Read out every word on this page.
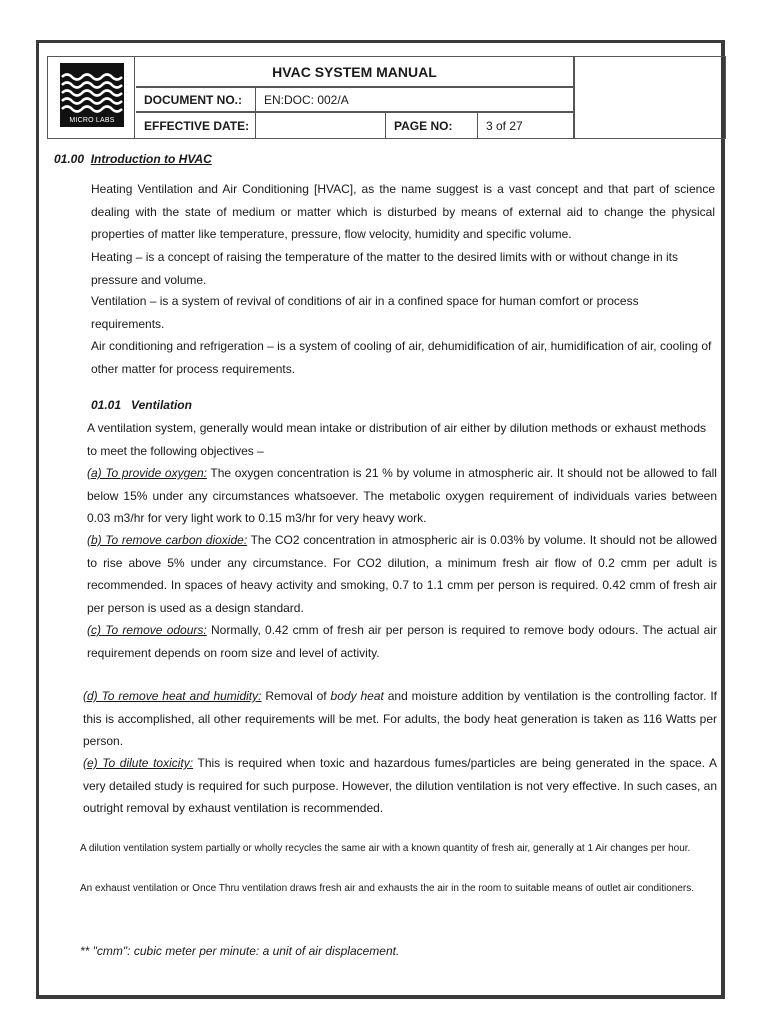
MICRO LABS
HVAC SYSTEM MANUAL
DOCUMENT NO.:	EN:DOC: 002/A
EFFECTIVE DATE:	PAGE NO:	3 of 27
01.00 Introduction to HVAC
Heating Ventilation and Air Conditioning [HVAC], as the name suggest is a vast concept and that part of science dealing with the state of medium or matter which is disturbed by means of external aid to change the physical properties of matter like temperature, pressure, flow velocity, humidity and specific volume.
Heating – is a concept of raising the temperature of the matter to the desired limits with or without change in its pressure and volume.
Ventilation – is a system of revival of conditions of air in a confined space for human comfort or process requirements.
Air conditioning and refrigeration – is a system of cooling of air, dehumidification of air, humidification of air, cooling of other matter for process requirements.
01.01 Ventilation
A ventilation system, generally would mean intake or distribution of air either by dilution methods or exhaust methods to meet the following objectives –
(a) To provide oxygen: The oxygen concentration is 21 % by volume in atmospheric air. It should not be allowed to fall below 15% under any circumstances whatsoever. The metabolic oxygen requirement of individuals varies between 0.03 m3/hr for very light work to 0.15 m3/hr for very heavy work.
(b) To remove carbon dioxide: The CO2 concentration in atmospheric air is 0.03% by volume. It should not be allowed to rise above 5% under any circumstance. For CO2 dilution, a minimum fresh air flow of 0.2 cmm per adult is recommended. In spaces of heavy activity and smoking, 0.7 to 1.1 cmm per person is required. 0.42 cmm of fresh air per person is used as a design standard.
(c) To remove odours: Normally, 0.42 cmm of fresh air per person is required to remove body odours. The actual air requirement depends on room size and level of activity.
(d) To remove heat and humidity: Removal of body heat and moisture addition by ventilation is the controlling factor. If this is accomplished, all other requirements will be met. For adults, the body heat generation is taken as 116 Watts per person.
(e) To dilute toxicity: This is required when toxic and hazardous fumes/particles are being generated in the space. A very detailed study is required for such purpose. However, the dilution ventilation is not very effective. In such cases, an outright removal by exhaust ventilation is recommended.
A dilution ventilation system partially or wholly recycles the same air with a known quantity of fresh air, generally at 1 Air changes per hour.
An exhaust ventilation or Once Thru ventilation draws fresh air and exhausts the air in the room to suitable means of outlet air conditioners.
** "cmm": cubic meter per minute: a unit of air displacement.
